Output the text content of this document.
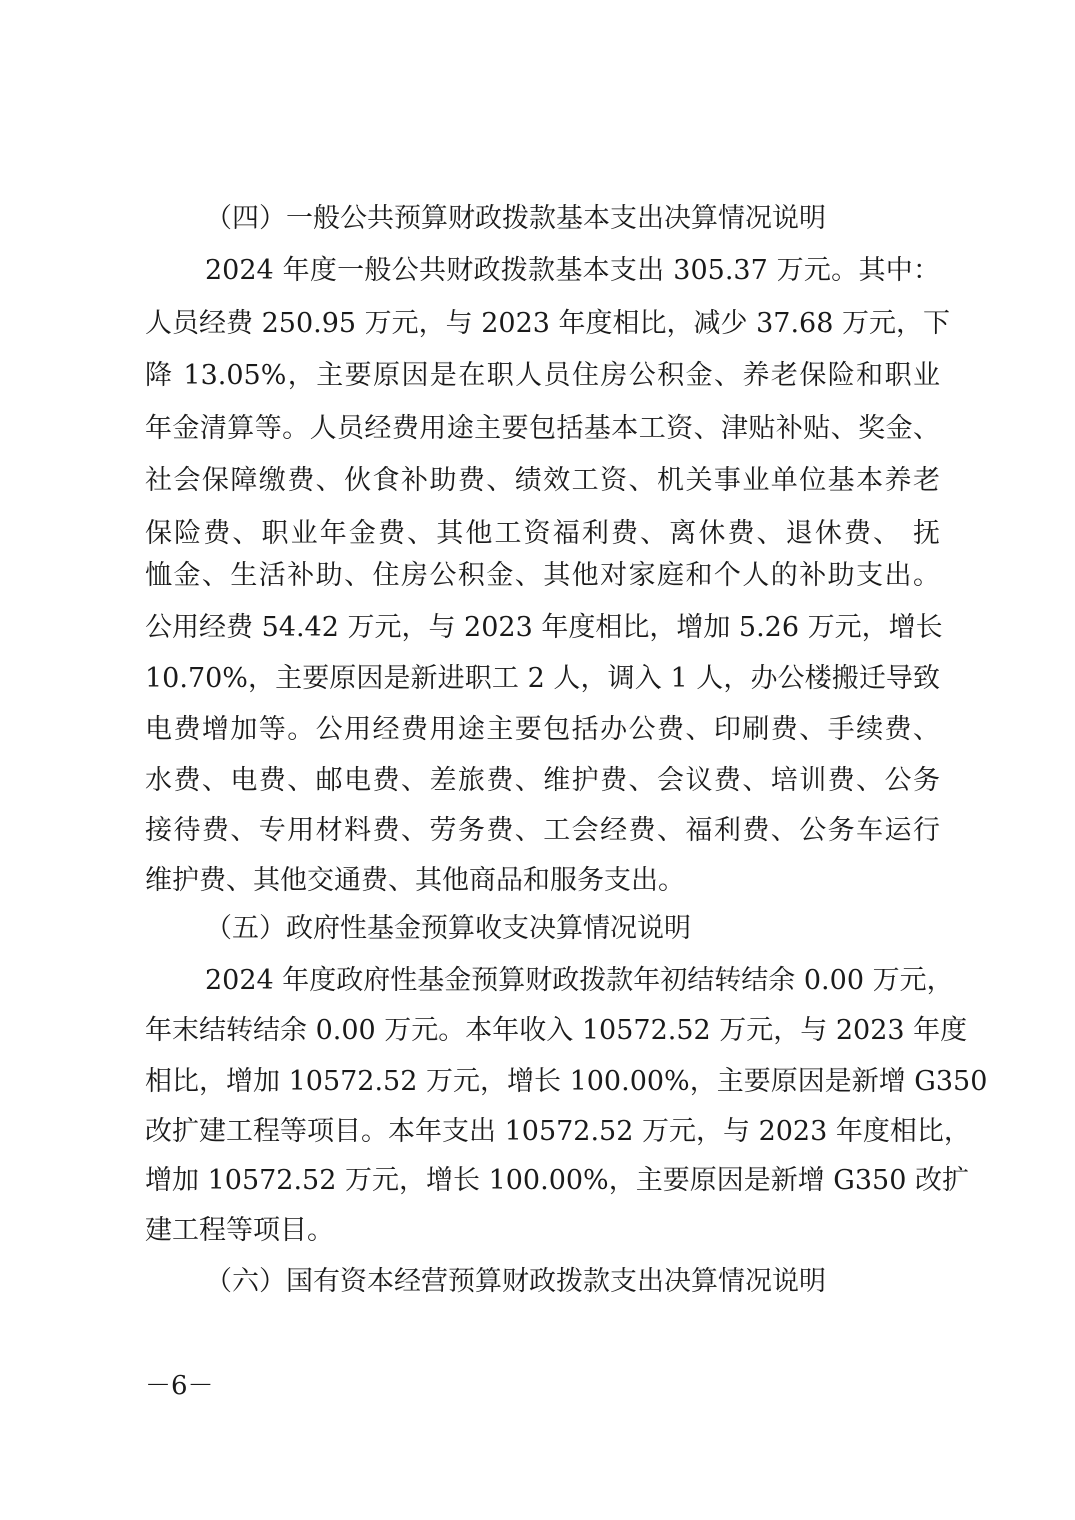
（四）一般公共预算财政拨款基本支出决算情况说明
2024 年度一般公共财政拨款基本支出 305.37 万元。其中：
人员经费 250.95 万元，与 2023 年度相比，减少 37.68 万元，下
降 13.05%，主要原因是在职人员住房公积金、养老保险和职业
年金清算等。人员经费用途主要包括基本工资、津贴补贴、奖金、
社会保障缴费、伙食补助费、绩效工资、机关事业单位基本养老
保险费、职业年金费、其他工资福利费、离休费、退休费、 抚
恤金、生活补助、住房公积金、其他对家庭和个人的补助支出。
公用经费 54.42 万元，与 2023 年度相比，增加 5.26 万元，增长
10.70%，主要原因是新进职工 2 人，调入 1 人，办公楼搬迁导致
电费增加等。公用经费用途主要包括办公费、印刷费、手续费、
水费、电费、邮电费、差旅费、维护费、会议费、培训费、公务
接待费、专用材料费、劳务费、工会经费、福利费、公务车运行
维护费、其他交通费、其他商品和服务支出。
（五）政府性基金预算收支决算情况说明
2024 年度政府性基金预算财政拨款年初结转结余 0.00 万元，
年末结转结余 0.00 万元。本年收入 10572.52 万元，与 2023 年度
相比，增加 10572.52 万元，增长 100.00%，主要原因是新增 G350
改扩建工程等项目。本年支出 10572.52 万元，与 2023 年度相比，
增加 10572.52 万元，增长 100.00%，主要原因是新增 G350 改扩
建工程等项目。
（六）国有资本经营预算财政拨款支出决算情况说明
－6－
